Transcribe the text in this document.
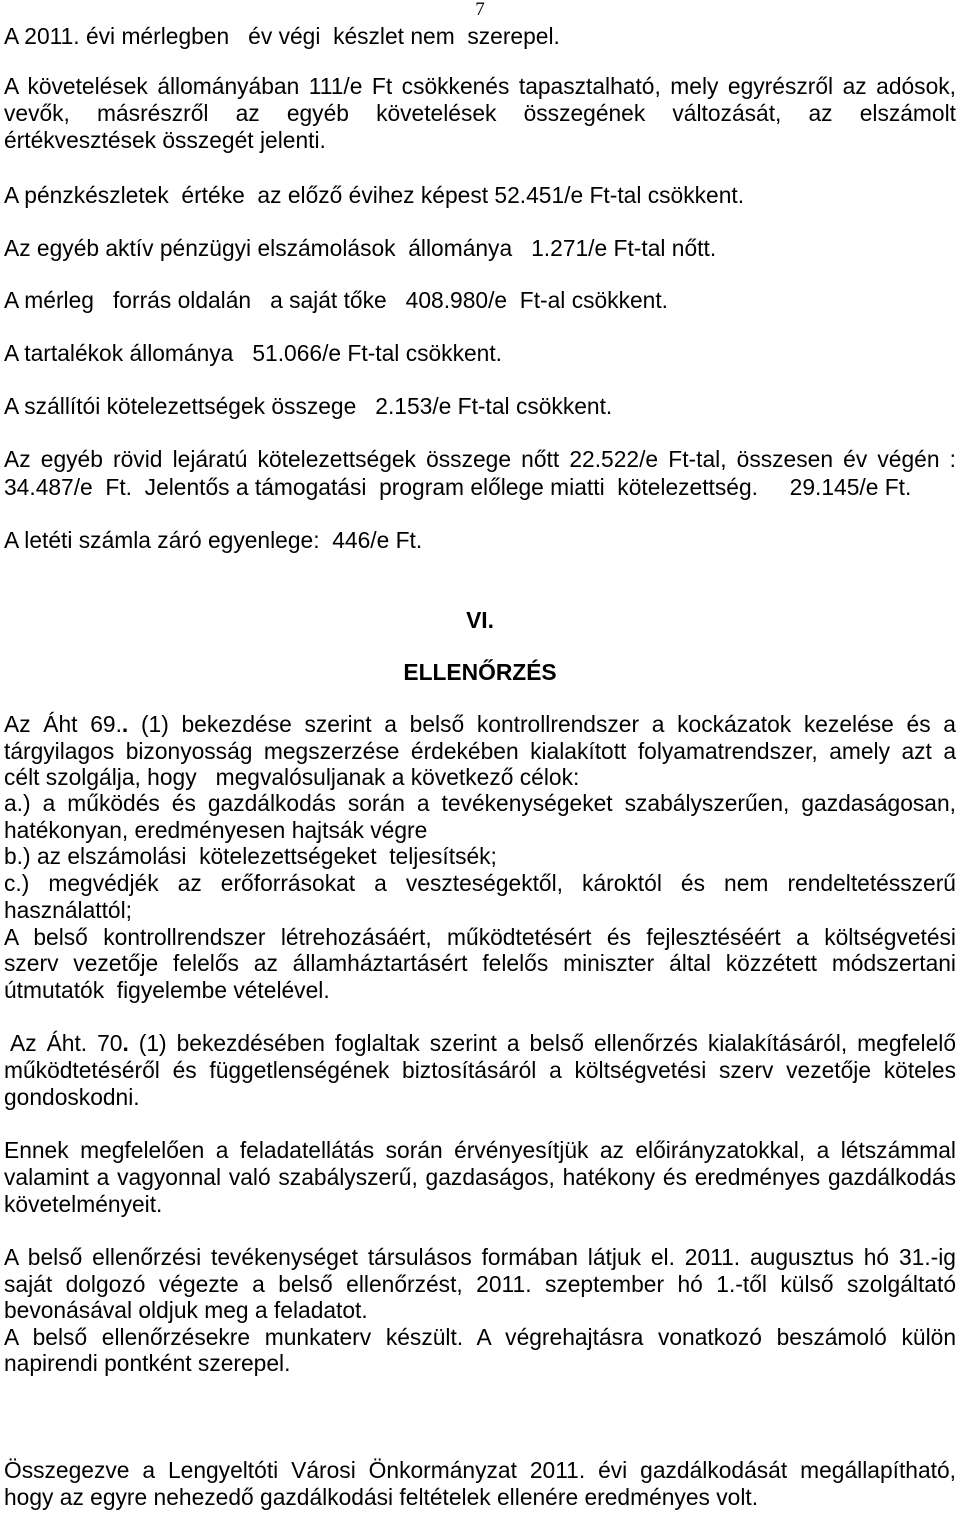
7
A 2011. évi mérlegben   év végi  készlet nem  szerepel.
A követelések állományában 111/e Ft csökkenés tapasztalható, mely egyrészről az adósok,
vevők, másrészről az egyéb követelések összegének változását, az elszámolt
értékvesztések összegét jelenti.
A pénzkészletek  értéke  az előző évihez képest 52.451/e Ft-tal csökkent.
Az egyéb aktív pénzügyi elszámolások  állománya   1.271/e Ft-tal nőtt.
A mérleg   forrás oldalán   a saját tőke   408.980/e  Ft-al csökkent.
A tartalékok állománya   51.066/e Ft-tal csökkent.
A szállítói kötelezettségek összege   2.153/e Ft-tal csökkent.
Az egyéb rövid lejáratú kötelezettségek összege nőtt 22.522/e Ft-tal, összesen év végén :
34.487/e  Ft.  Jelentős a támogatási  program előlege miatti  kötelezettség.     29.145/e Ft.
A letéti számla záró egyenlege:  446/e Ft.
VI.
ELLENŐRZÉS
Az Áht 69.. (1) bekezdése szerint a belső kontrollrendszer a kockázatok kezelése és a
tárgyilagos bizonyosság megszerzése érdekében kialakított folyamatrendszer, amely azt a
célt szolgálja, hogy   megvalósuljanak a következő célok:
a.) a működés és gazdálkodás során a tevékenységeket szabályszerűen, gazdaságosan,
hatékonyan, eredményesen hajtsák végre
b.) az elszámolási  kötelezettségeket  teljesítsék;
c.) megvédjék az erőforrásokat a veszteségektől, károktól és nem rendeltetésszerű
használattól;
A belső kontrollrendszer létrehozásáért, működtetésért és fejlesztéséért a költségvetési
szerv vezetője felelős az államháztartásért felelős miniszter által közzétett módszertani
útmutatók  figyelembe vételével.
Az Áht. 70. (1) bekezdésében foglaltak szerint a belső ellenőrzés kialakításáról, megfelelő
működtetéséről és függetlenségének biztosításáról a költségvetési szerv vezetője köteles
gondoskodni.
Ennek megfelelően a feladatellátás során érvényesítjük az előirányzatokkal, a létszámmal
valamint a vagyonnal való szabályszerű, gazdaságos, hatékony és eredményes gazdálkodás
követelményeit.
A belső ellenőrzési tevékenységet társulásos formában látjuk el. 2011. augusztus hó 31.-ig
saját dolgozó végezte a belső ellenőrzést, 2011. szeptember hó 1.-től külső szolgáltató
bevonásával oldjuk meg a feladatot.
A belső ellenőrzésekre munkaterv készült. A végrehajtásra vonatkozó beszámoló külön
napirendi pontként szerepel.
Összegezve a Lengyeltóti Városi Önkormányzat 2011. évi gazdálkodását megállapítható,
hogy az egyre nehezedő gazdálkodási feltételek ellenére eredményes volt.
